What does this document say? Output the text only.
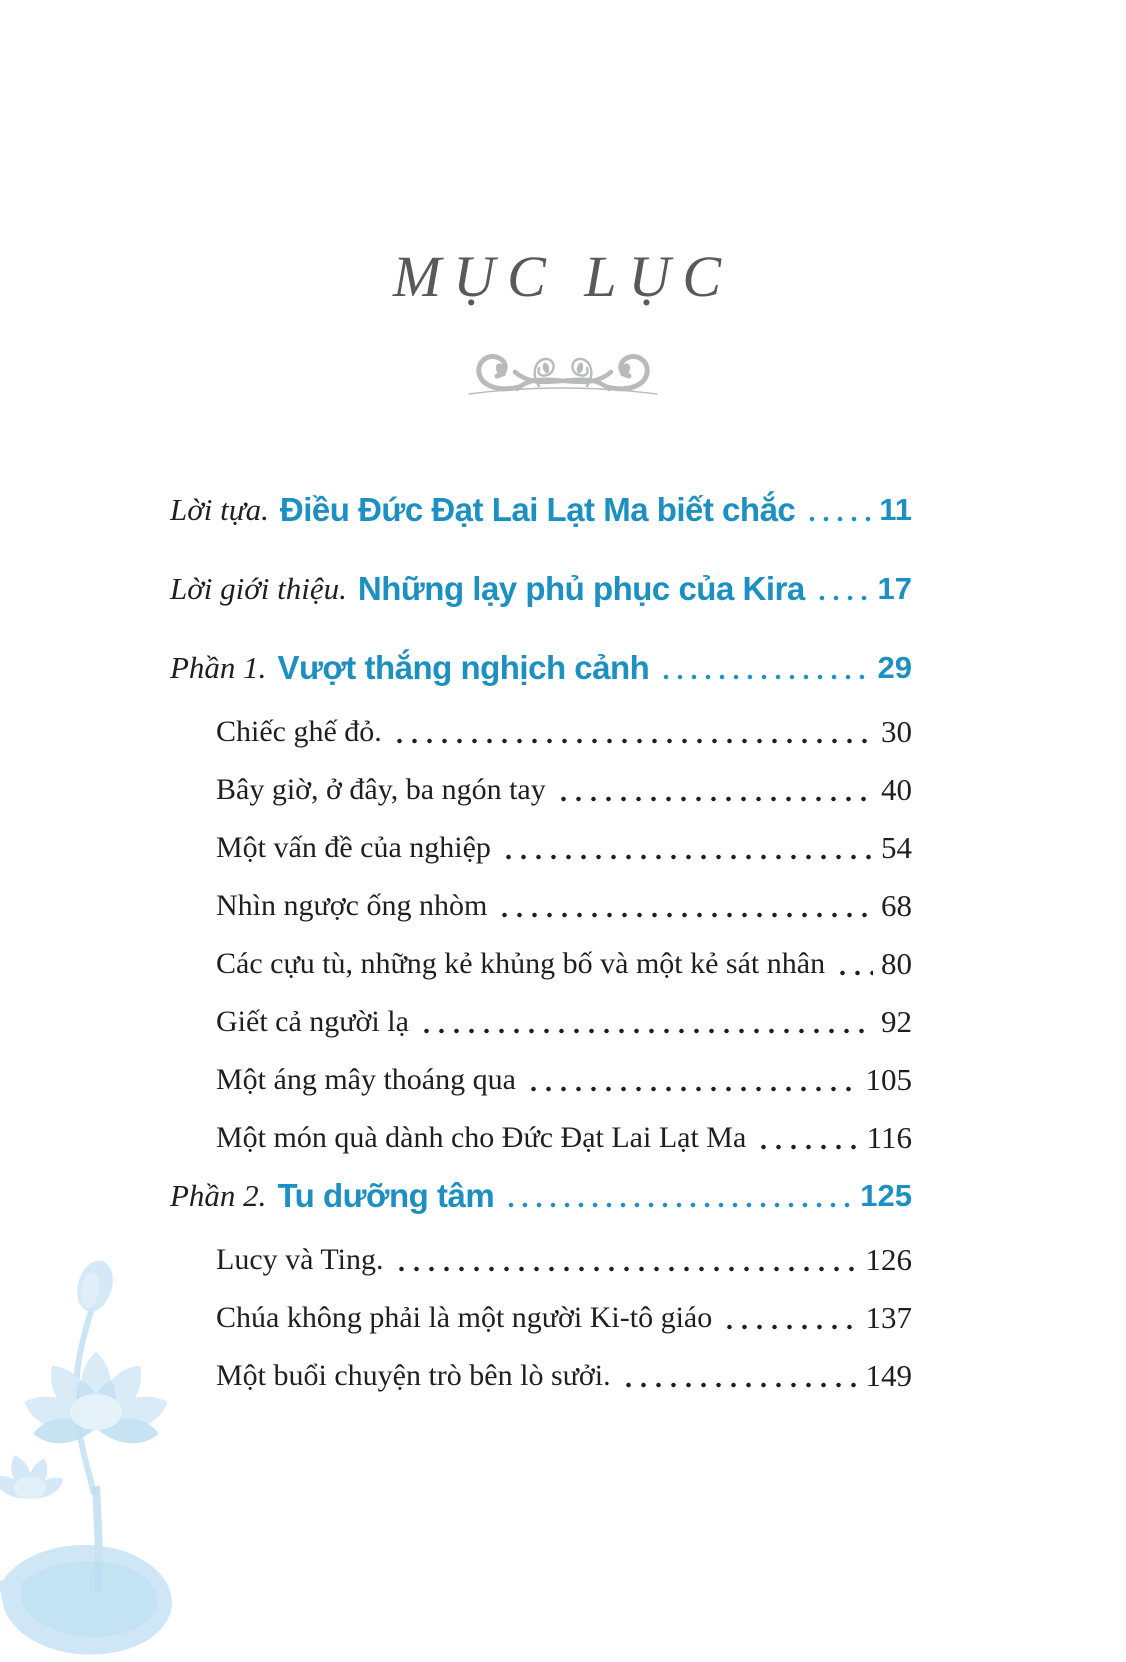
MỤC LỤC
Lời tựa. Điều Đức Đạt Lai Lạt Ma biết chắc	11
Lời giới thiệu. Những lạy phủ phục của Kira 17
Phần 1. Vượt thắng nghịch cảnh	29
Chiếc ghế đỏ.	30
Bây giờ, ở đây, ba ngón tay	40
Một vấn đề của nghiệp	54
Nhìn ngược ống nhòm	68
Các cựu tù, những kẻ khủng bố và một kẻ sát nhân 80
Giết cả người lạ	92
Một áng mây thoáng qua	105
Một món quà dành cho Đức Đạt Lai Lạt Ma	116
Phần 2. Tu dưỡng tâm	125
Lucy và Ting.	126
Chúa không phải là một người Ki-tô giáo	137
Một buổi chuyện trò bên lò sưởi.	149
